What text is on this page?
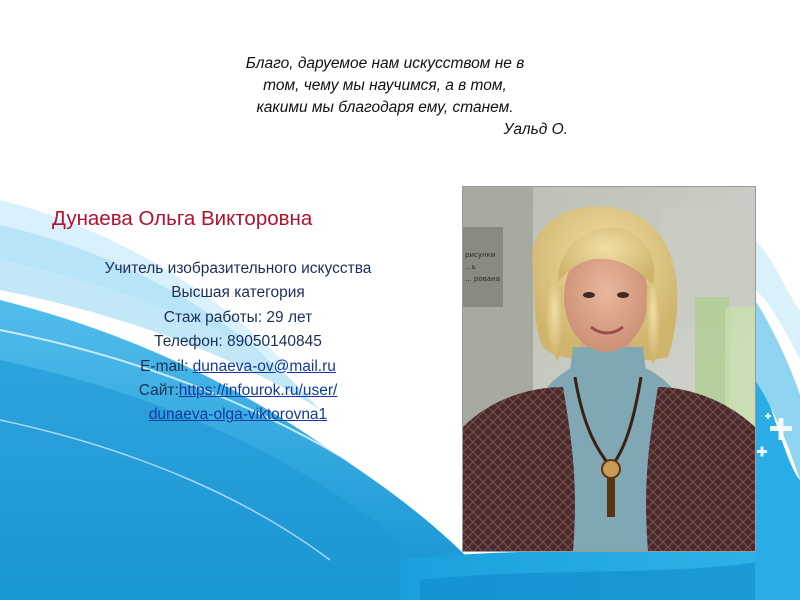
Благо, даруемое нам искусством не в
том, чему мы научимся, а в том,
какими мы благодаря ему, станем.
Уальд О.
Дунаева Ольга Викторовна
Учитель изобразительного искусства
Высшая категория
Стаж работы: 29 лет
Телефон: 89050140845
E-mail: dunaeva-ov@mail.ru
Сайт:https://infourok.ru/user/
dunaeva-olga-viktorovna1
рисунки
...ь
... рована
